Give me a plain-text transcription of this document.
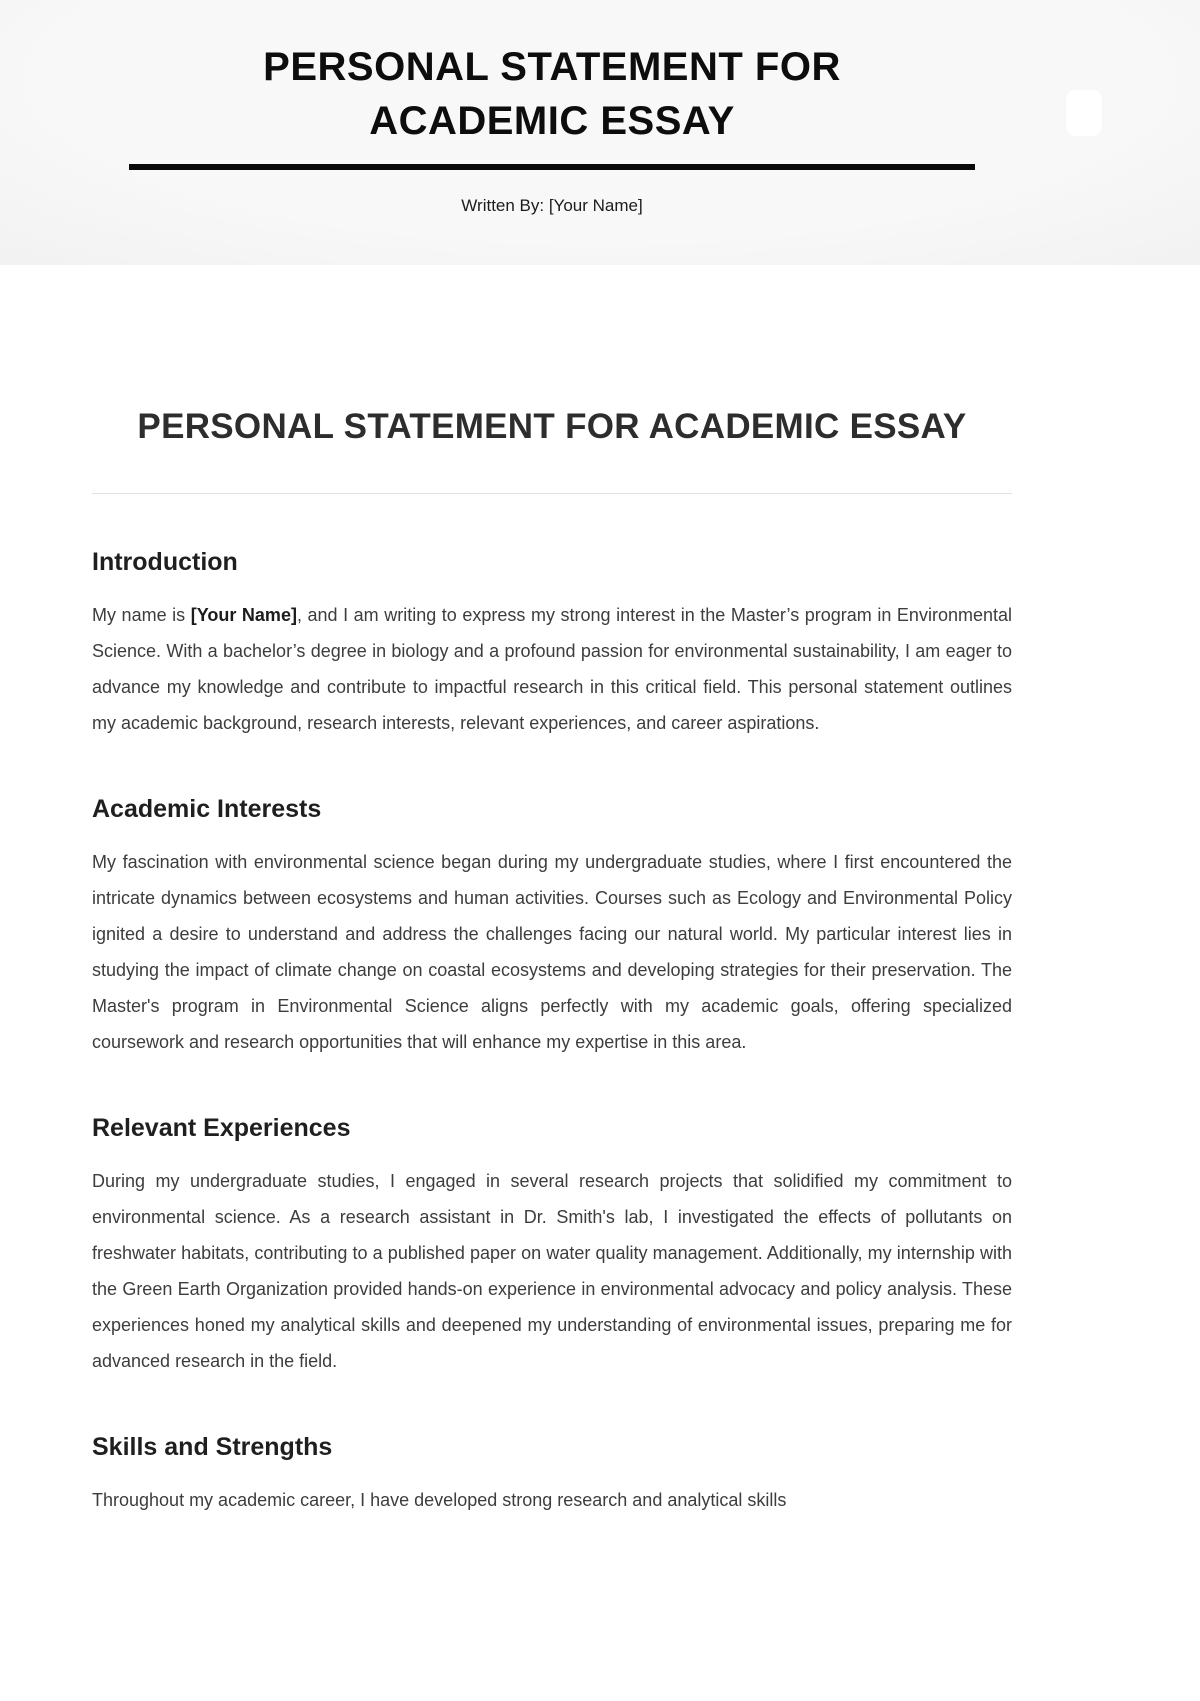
PERSONAL STATEMENT FOR ACADEMIC ESSAY
Written By: [Your Name]
PERSONAL STATEMENT FOR ACADEMIC ESSAY
Introduction

My name is [Your Name], and I am writing to express my strong interest in the Master’s program in Environmental Science. With a bachelor’s degree in biology and a profound passion for environmental sustainability, I am eager to advance my knowledge and contribute to impactful research in this critical field. This personal statement outlines my academic background, research interests, relevant experiences, and career aspirations.

Academic Interests

My fascination with environmental science began during my undergraduate studies, where I first encountered the intricate dynamics between ecosystems and human activities. Courses such as Ecology and Environmental Policy ignited a desire to understand and address the challenges facing our natural world. My particular interest lies in studying the impact of climate change on coastal ecosystems and developing strategies for their preservation. The Master's program in Environmental Science aligns perfectly with my academic goals, offering specialized coursework and research opportunities that will enhance my expertise in this area.

Relevant Experiences

During my undergraduate studies, I engaged in several research projects that solidified my commitment to environmental science. As a research assistant in Dr. Smith's lab, I investigated the effects of pollutants on freshwater habitats, contributing to a published paper on water quality management. Additionally, my internship with the Green Earth Organization provided hands-on experience in environmental advocacy and policy analysis. These experiences honed my analytical skills and deepened my understanding of environmental issues, preparing me for advanced research in the field.

Skills and Strengths

Throughout my academic career, I have developed strong research and analytical skills
